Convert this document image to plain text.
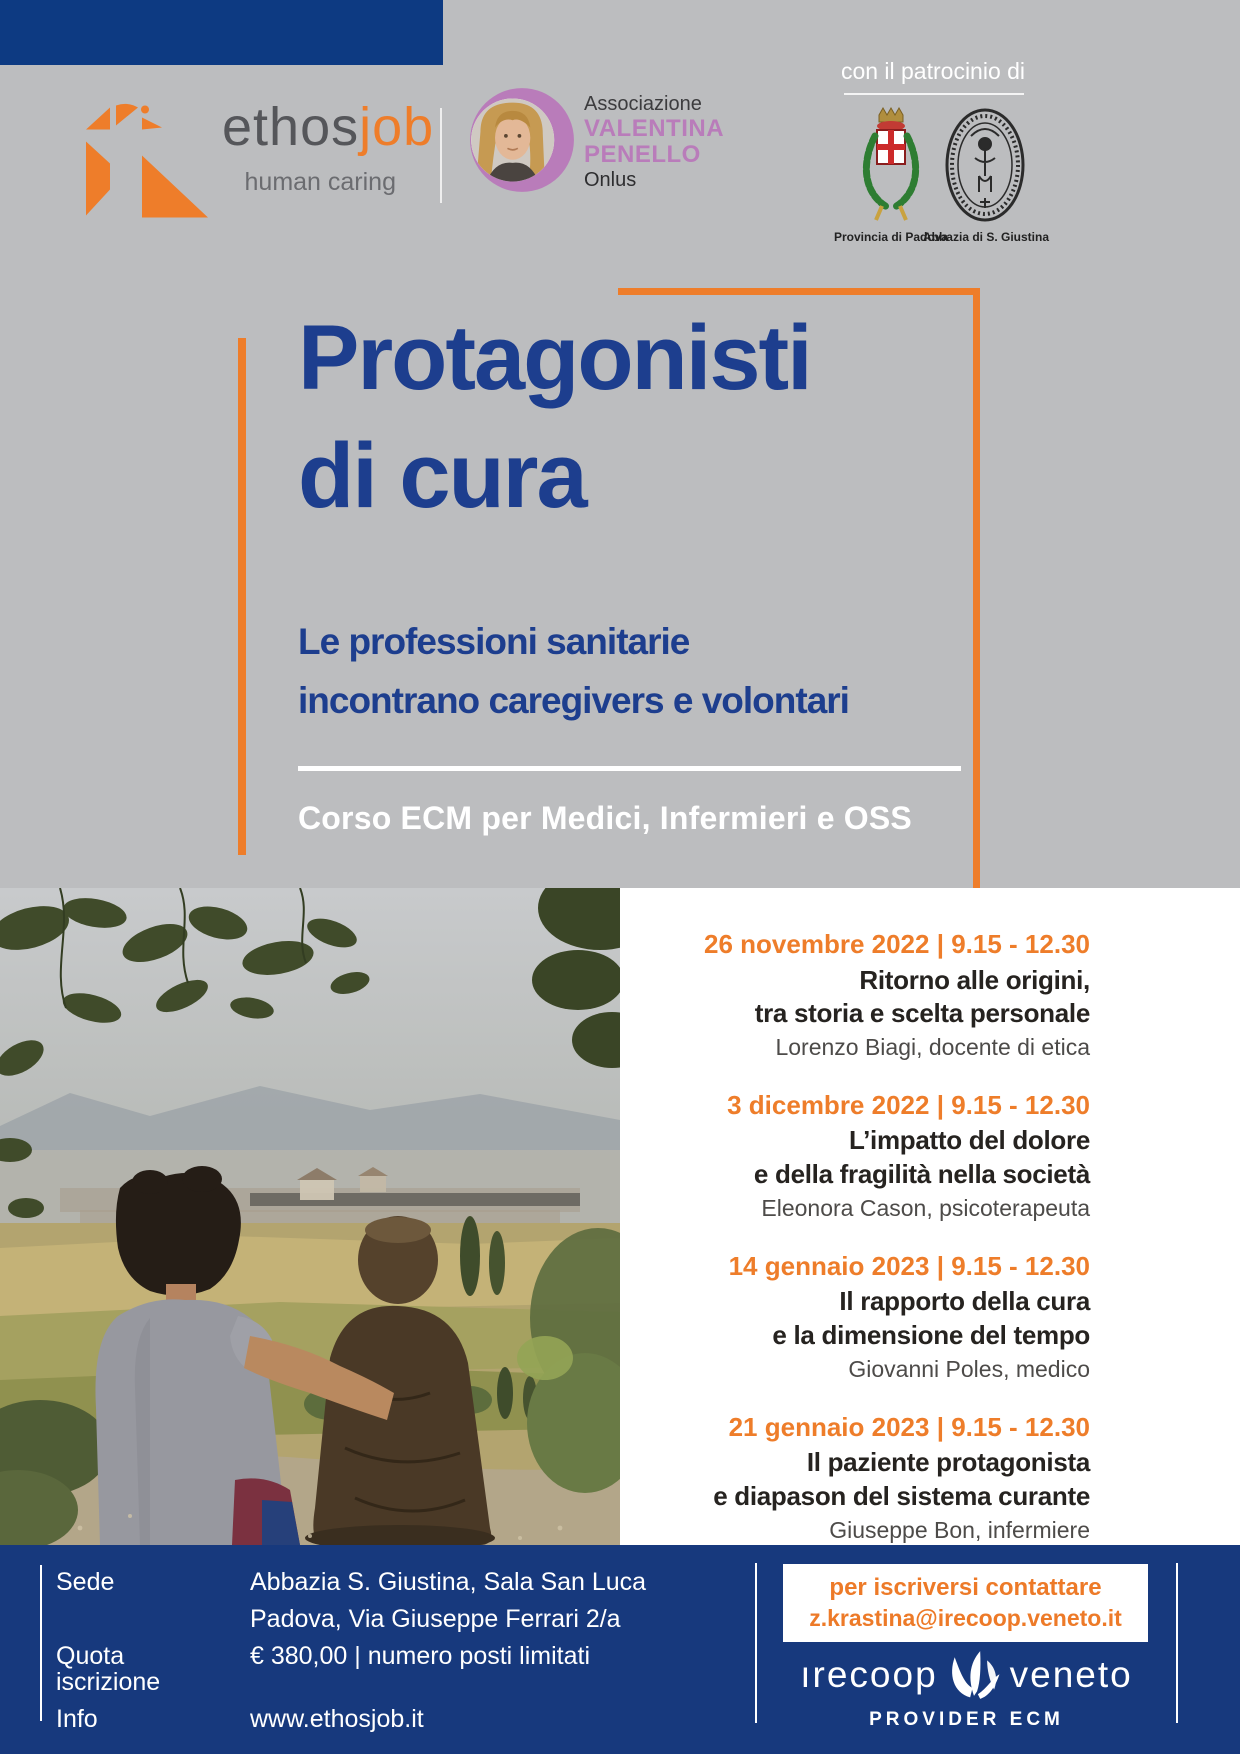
ethosjob
human caring
Associazione
VALENTINA
PENELLO
Onlus
con il patrocinio di
Provincia di Padova
Abbazia di S. Giustina
Protagonisti
di cura
Le professioni sanitarie
incontrano caregivers e volontari
Corso ECM per Medici, Infermieri e OSS
26 novembre 2022 | 9.15 - 12.30
Ritorno alle origini,
tra storia e scelta personale
Lorenzo Biagi, docente di etica
3 dicembre 2022 | 9.15 - 12.30
L’impatto del dolore
e della fragilità nella società
Eleonora Cason, psicoterapeuta
14 gennaio 2023 | 9.15 - 12.30
Il rapporto della cura
e la dimensione del tempo
Giovanni Poles, medico
21 gennaio 2023 | 9.15 - 12.30
Il paziente protagonista
e diapason del sistema curante
Giuseppe Bon, infermiere
Sede	Abbazia S. Giustina, Sala San Luca
Padova, Via Giuseppe Ferrari 2/a
Quota iscrizione
€ 380,00 | numero posti limitati
Info	www.ethosjob.it
per iscriversi contattare
z.krastina@irecoop.veneto.it
ırecoop veneto
PROVIDER ECM
